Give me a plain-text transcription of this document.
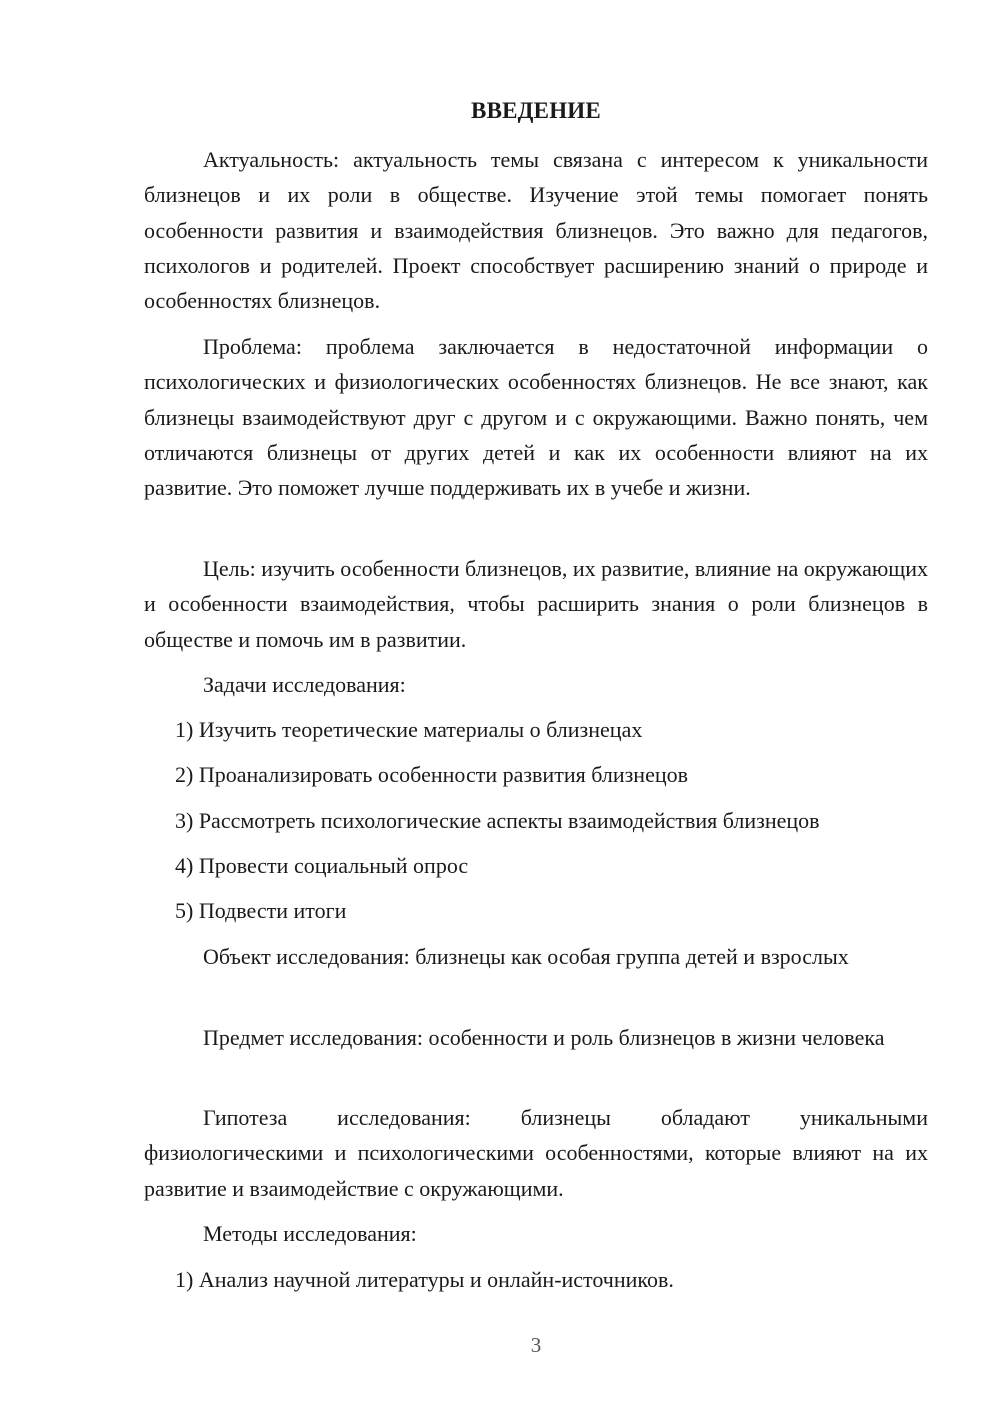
ВВЕДЕНИЕ

Актуальность: актуальность темы связана с интересом к уникальности близнецов и их роли в обществе. Изучение этой темы помогает понять особенности развития и взаимодействия близнецов. Это важно для педагогов, психологов и родителей. Проект способствует расширению знаний о природе и особенностях близнецов.

Проблема: проблема заключается в недостаточной информации о психологических и физиологических особенностях близнецов. Не все знают, как близнецы взаимодействуют друг с другом и с окружающими. Важно понять, чем отличаются близнецы от других детей и как их особенности влияют на их развитие. Это поможет лучше поддерживать их в учебе и жизни.

Цель: изучить особенности близнецов, их развитие, влияние на окружающих и особенности взаимодействия, чтобы расширить знания о роли близнецов в обществе и помочь им в развитии.

Задачи исследования:

1) Изучить теоретические материалы о близнецах

2) Проанализировать особенности развития близнецов

3) Рассмотреть психологические аспекты взаимодействия близнецов

4) Провести социальный опрос

5) Подвести итоги

Объект исследования: близнецы как особая группа детей и взрослых

Предмет исследования: особенности и роль близнецов в жизни человека

Гипотеза исследования: близнецы обладают уникальными физиологическими и психологическими особенностями, которые влияют на их развитие и взаимодействие с окружающими.

Методы исследования:

1) Анализ научной литературы и онлайн-источников.

3
